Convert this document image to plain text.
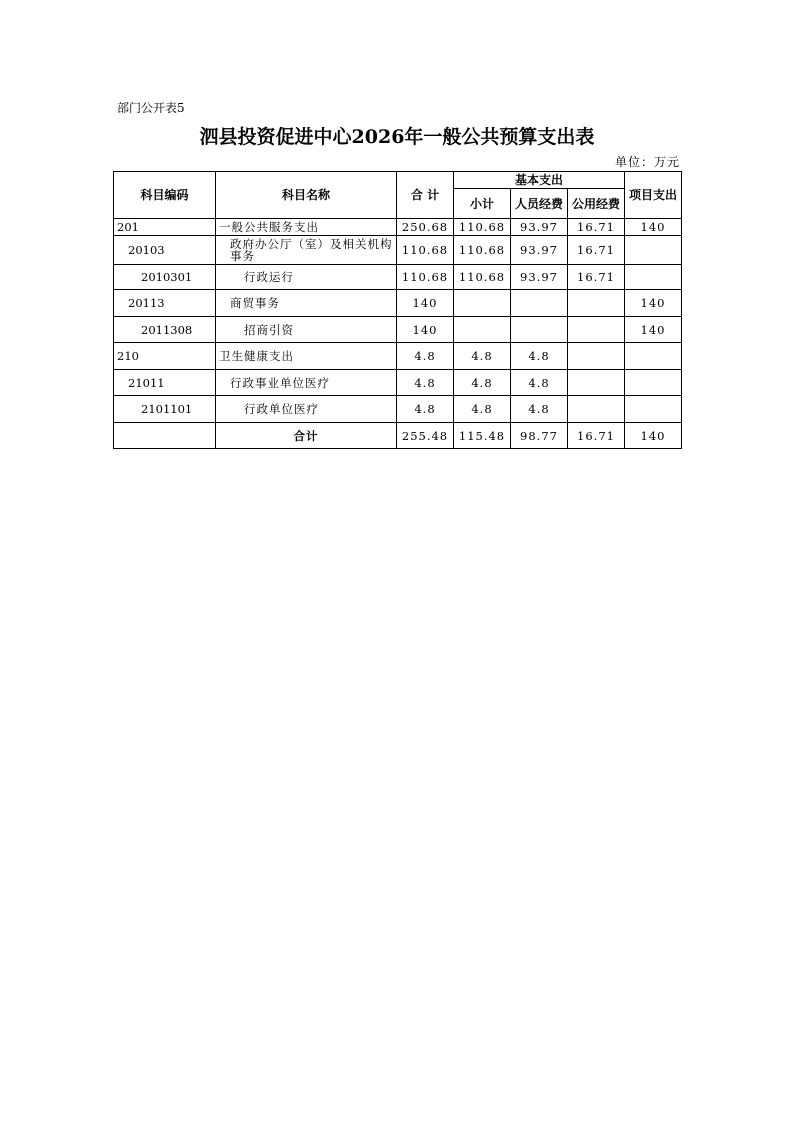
部门公开表5
泗县投资促进中心2026年一般公共预算支出表
单位：万元
科目编码	科目名称	合 计	基本支出			项目支出
			小计	人员经费	公用经费	
201	一般公共服务支出	250.68	110.68	93.97	16.71	140
20103	政府办公厅（室）及相关机构事务	110.68	110.68	93.97	16.71	
2010301	行政运行	110.68	110.68	93.97	16.71	
20113	商贸事务	140				140
2011308	招商引资	140				140
210	卫生健康支出	4.8	4.8	4.8		
21011	行政事业单位医疗	4.8	4.8	4.8		
2101101	行政单位医疗	4.8	4.8	4.8		
	合计	255.48	115.48	98.77	16.71	140
